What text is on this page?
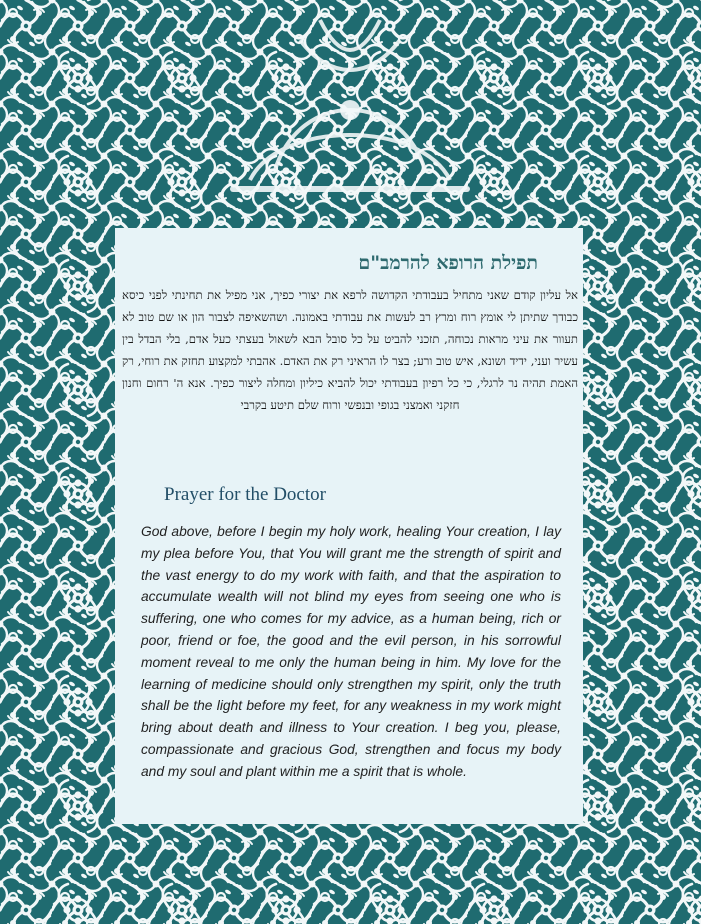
תפילת הרופא להרמב"ם
אל עליון קודם שאני מתחיל בעבודתי הקדושה לרפא את יצורי כפיך, אני מפיל את תחינתי לפני כיסא כבודך שתיתן לי אומץ רוח ומרץ רב לעשות את עבודתי באמונה. ושהשאיפה לצבור הון או שם טוב לא תעוור את עיני מראות נכוחה, תזכני להביט על כל סובל הבא לשאול בעצתי כעל אדם, בלי הבדל בין עשיר ועני, ידיד ושונא, איש טוב ורע; בצר לו הראיני רק את האדם. אהבתי למקצוע תחזק את רוחי, רק האמת תהיה נר לרגלי, כי כל רפיון בעבודתי יכול להביא כיליון ומחלה ליצור כפיך. אנא ה' רחום וחנון חזקני ואמצני בגופי ובנפשי ורוח שלם תיטע בקרבי
Prayer for the Doctor
God above, before I begin my holy work, healing Your creation, I lay my plea before You, that You will grant me the strength of spirit and the vast energy to do my work with faith, and that the aspiration to accumulate wealth will not blind my eyes from seeing one who is suffering, one who comes for my advice, as a human being, rich or poor, friend or foe, the good and the evil person, in his sorrowful moment reveal to me only the human being in him. My love for the learning of medicine should only strengthen my spirit, only the truth shall be the light before my feet, for any weakness in my work might bring about death and illness to Your creation. I beg you, please, compassionate and gracious God, strengthen and focus my body and my soul and plant within me a spirit that is whole.
